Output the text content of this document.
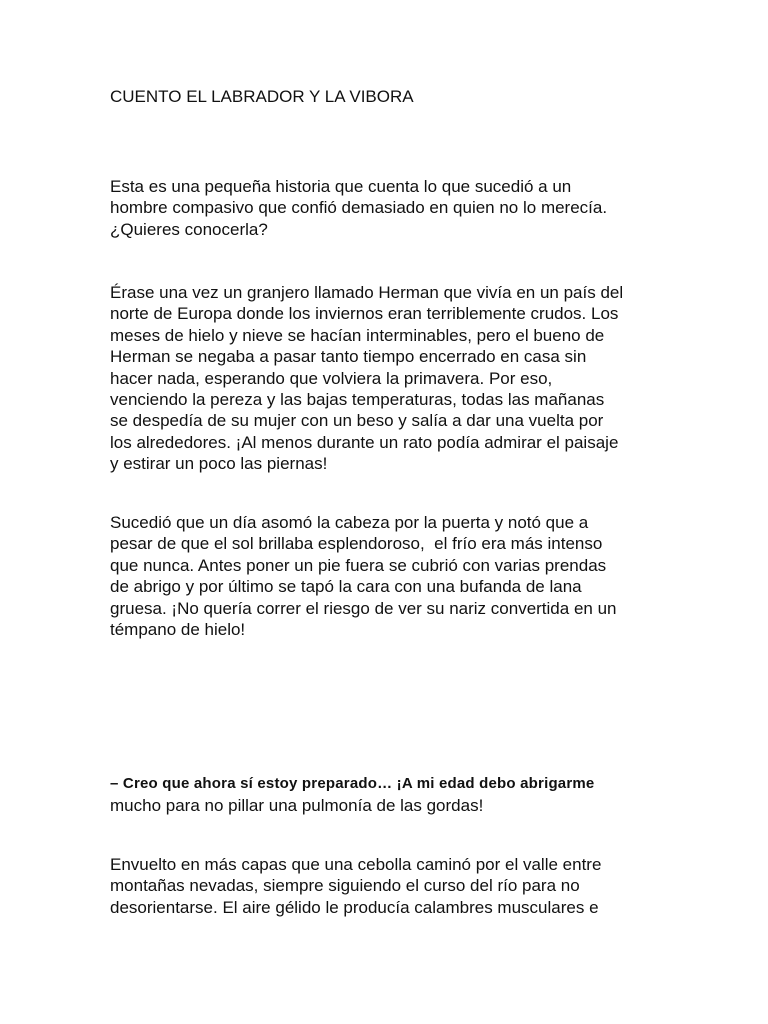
CUENTO EL LABRADOR Y LA VIBORA

Esta es una pequeña historia que cuenta lo que sucedió a un
hombre compasivo que confió demasiado en quien no lo merecía.
¿Quieres conocerla?

Érase una vez un granjero llamado Herman que vivía en un país del
norte de Europa donde los inviernos eran terriblemente crudos. Los
meses de hielo y nieve se hacían interminables, pero el bueno de
Herman se negaba a pasar tanto tiempo encerrado en casa sin
hacer nada, esperando que volviera la primavera. Por eso,
venciendo la pereza y las bajas temperaturas, todas las mañanas
se despedía de su mujer con un beso y salía a dar una vuelta por
los alrededores. ¡Al menos durante un rato podía admirar el paisaje
y estirar un poco las piernas!

Sucedió que un día asomó la cabeza por la puerta y notó que a
pesar de que el sol brillaba esplendoroso,  el frío era más intenso
que nunca. Antes poner un pie fuera se cubrió con varias prendas
de abrigo y por último se tapó la cara con una bufanda de lana
gruesa. ¡No quería correr el riesgo de ver su nariz convertida en un
témpano de hielo!

– Creo que ahora sí estoy preparado… ¡A mi edad debo abrigarme
mucho para no pillar una pulmonía de las gordas!

Envuelto en más capas que una cebolla caminó por el valle entre
montañas nevadas, siempre siguiendo el curso del río para no
desorientarse. El aire gélido le producía calambres musculares e
